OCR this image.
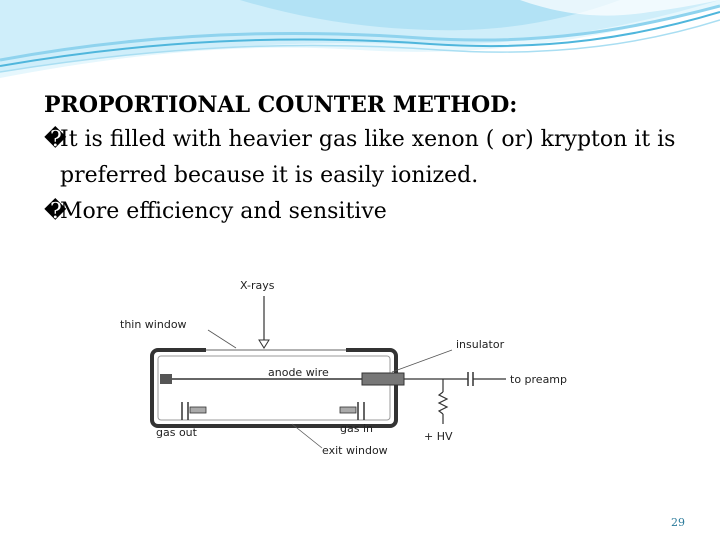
PROPORTIONAL COUNTER METHOD:
�
It is filled with heavier gas like xenon ( or) krypton it is preferred because it is easily ionized.
�
More efficiency and sensitive
X-rays
thin window
insulator
anode wire
to preamp
gas out	gas in
+ HV
exit window
29
